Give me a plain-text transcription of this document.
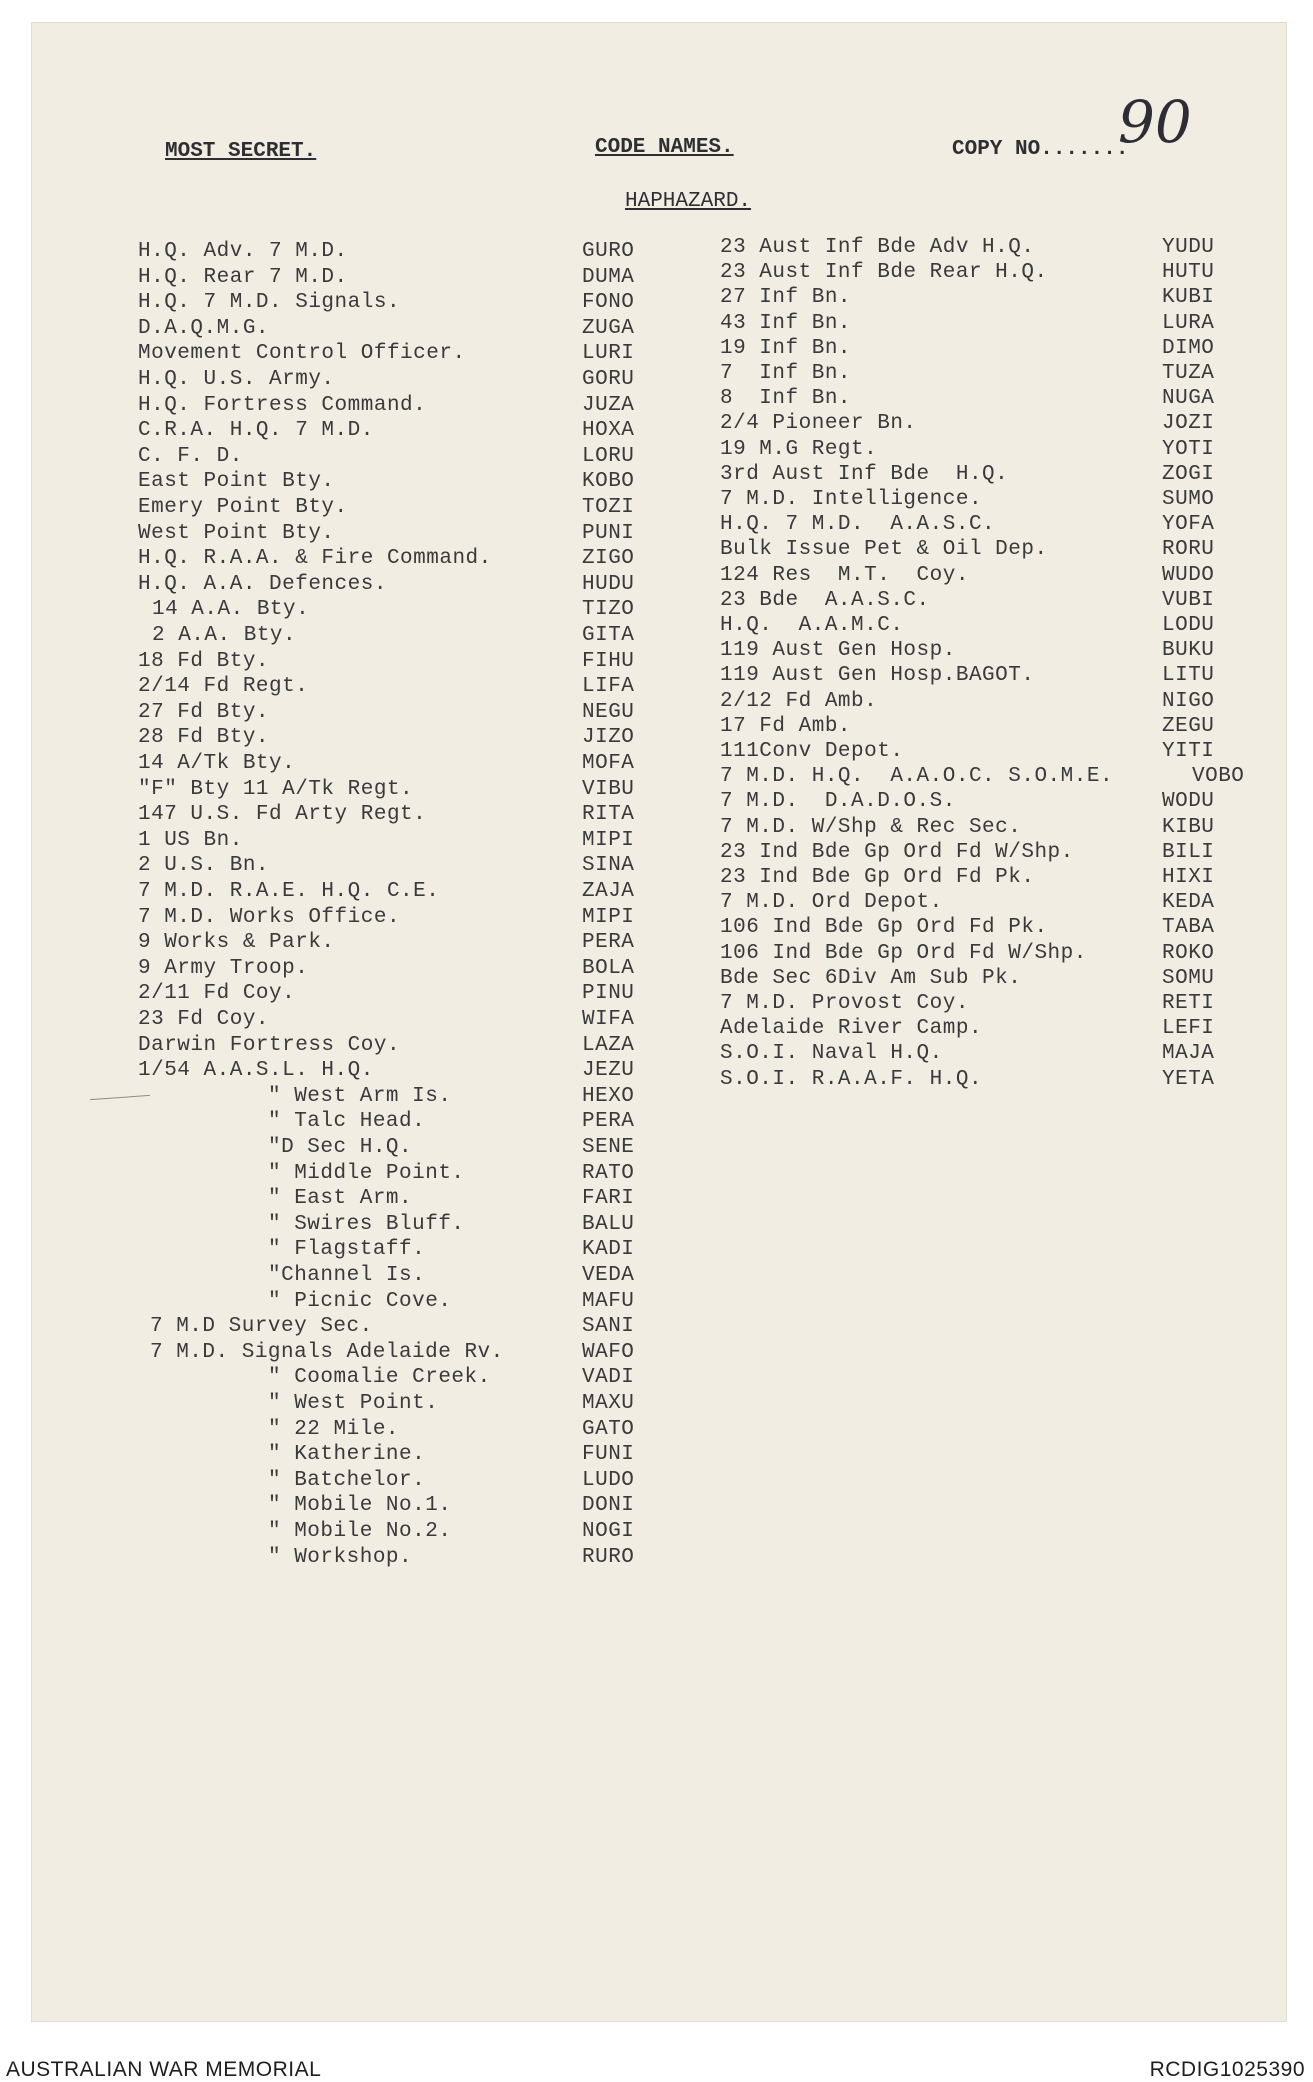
MOST SECRET.	CODE NAMES.	COPY NO.......
90
HAPHAZARD.
H.Q. Adv. 7 M.D.	GURO
H.Q. Rear 7 M.D.	DUMA
H.Q. 7 M.D. Signals.	FONO
D.A.Q.M.G.	ZUGA
Movement Control Officer.	LURI
H.Q. U.S. Army.	GORU
H.Q. Fortress Command.	JUZA
C.R.A. H.Q. 7 M.D.	HOXA
C. F. D.	LORU
East Point Bty.	KOBO
Emery Point Bty.	TOZI
West Point Bty.	PUNI
H.Q. R.A.A. & Fire Command.	ZIGO
H.Q. A.A. Defences.	HUDU
14 A.A. Bty.	TIZO
2 A.A. Bty.	GITA
18 Fd Bty.	FIHU
2/14 Fd Regt.	LIFA
27 Fd Bty.	NEGU
28 Fd Bty.	JIZO
14 A/Tk Bty.	MOFA
"F" Bty 11 A/Tk Regt.	VIBU
147 U.S. Fd Arty Regt.	RITA
1 US Bn.	MIPI
2 U.S. Bn.	SINA
7 M.D. R.A.E. H.Q. C.E.	ZAJA
7 M.D. Works Office.	MIPI
9 Works & Park.	PERA
9 Army Troop.	BOLA
2/11 Fd Coy.	PINU
23 Fd Coy.	WIFA
Darwin Fortress Coy.	LAZA
1/54 A.A.S.L. H.Q.	JEZU
" West Arm Is.	HEXO
" Talc Head.	PERA
"D Sec H.Q.	SENE
" Middle Point.	RATO
" East Arm.	FARI
" Swires Bluff.	BALU
" Flagstaff.	KADI
"Channel Is.	VEDA
" Picnic Cove.	MAFU
7 M.D Survey Sec.	SANI
7 M.D. Signals Adelaide Rv.	WAFO
" Coomalie Creek.	VADI
" West Point.	MAXU
" 22 Mile.	GATO
" Katherine.	FUNI
" Batchelor.	LUDO
" Mobile No.1.	DONI
" Mobile No.2.	NOGI
" Workshop.	RURO
23 Aust Inf Bde Adv H.Q.	YUDU
23 Aust Inf Bde Rear H.Q.	HUTU
27 Inf Bn.	KUBI
43 Inf Bn.	LURA
19 Inf Bn.	DIMO
7  Inf Bn.	TUZA
8  Inf Bn.	NUGA
2/4 Pioneer Bn.	JOZI
19 M.G Regt.	YOTI
3rd Aust Inf Bde  H.Q.	ZOGI
7 M.D. Intelligence.	SUMO
H.Q. 7 M.D.  A.A.S.C.	YOFA
Bulk Issue Pet & Oil Dep.	RORU
124 Res  M.T.  Coy.	WUDO
23 Bde  A.A.S.C.	VUBI
H.Q.  A.A.M.C.	LODU
119 Aust Gen Hosp.	BUKU
119 Aust Gen Hosp.BAGOT.	LITU
2/12 Fd Amb.	NIGO
17 Fd Amb.	ZEGU
111Conv Depot.	YITI
7 M.D. H.Q.  A.A.O.C. S.O.M.E.	VOBO
7 M.D.  D.A.D.O.S.	WODU
7 M.D. W/Shp & Rec Sec.	KIBU
23 Ind Bde Gp Ord Fd W/Shp.	BILI
23 Ind Bde Gp Ord Fd Pk.	HIXI
7 M.D. Ord Depot.	KEDA
106 Ind Bde Gp Ord Fd Pk.	TABA
106 Ind Bde Gp Ord Fd W/Shp.	ROKO
Bde Sec 6Div Am Sub Pk.	SOMU
7 M.D. Provost Coy.	RETI
Adelaide River Camp.	LEFI
S.O.I. Naval H.Q.	MAJA
S.O.I. R.A.A.F. H.Q.	YETA
AUSTRALIAN WAR MEMORIAL	RCDIG1025390
